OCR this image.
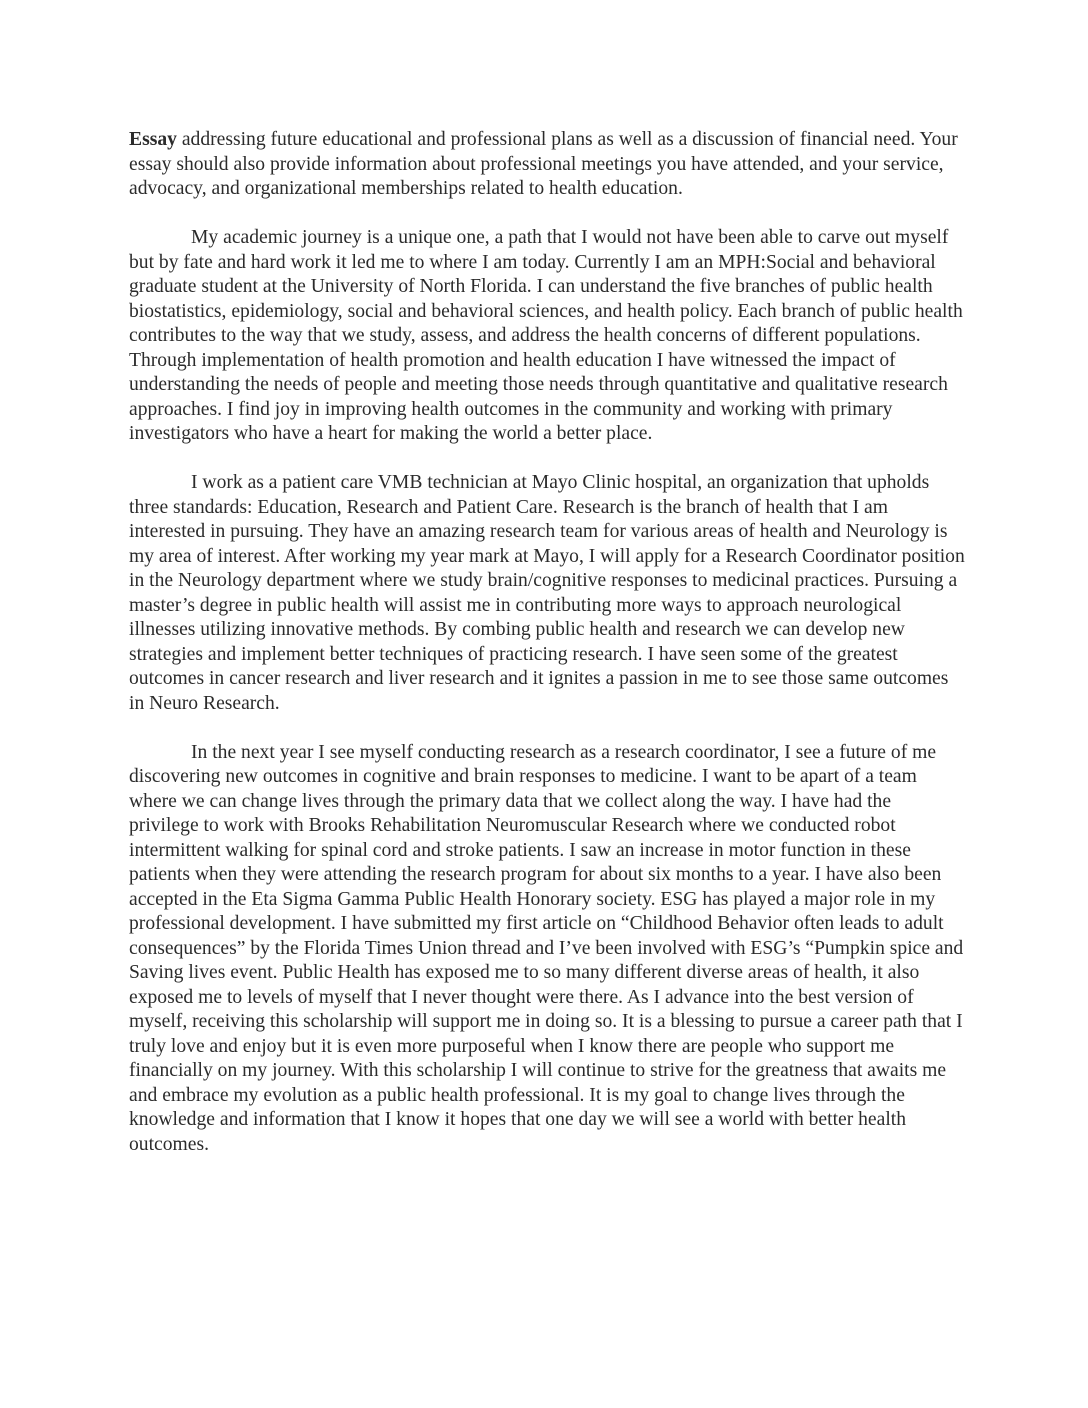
Essay addressing future educational and professional plans as well as a discussion of financial need. Your essay should also provide information about professional meetings you have attended, and your service, advocacy, and organizational memberships related to health education.

My academic journey is a unique one, a path that I would not have been able to carve out myself but by fate and hard work it led me to where I am today. Currently I am an MPH:Social and behavioral graduate student at the University of North Florida. I can understand the five branches of public health biostatistics, epidemiology, social and behavioral sciences, and health policy. Each branch of public health contributes to the way that we study, assess, and address the health concerns of different populations. Through implementation of health promotion and health education I have witnessed the impact of understanding the needs of people and meeting those needs through quantitative and qualitative research approaches. I find joy in improving health outcomes in the community and working with primary investigators who have a heart for making the world a better place.

I work as a patient care VMB technician at Mayo Clinic hospital, an organization that upholds three standards: Education, Research and Patient Care. Research is the branch of health that I am interested in pursuing. They have an amazing research team for various areas of health and Neurology is my area of interest. After working my year mark at Mayo, I will apply for a Research Coordinator position in the Neurology department where we study brain/cognitive responses to medicinal practices. Pursuing a master’s degree in public health will assist me in contributing more ways to approach neurological illnesses utilizing innovative methods. By combing public health and research we can develop new strategies and implement better techniques of practicing research. I have seen some of the greatest outcomes in cancer research and liver research and it ignites a passion in me to see those same outcomes in Neuro Research.

In the next year I see myself conducting research as a research coordinator, I see a future of me discovering new outcomes in cognitive and brain responses to medicine. I want to be apart of a team where we can change lives through the primary data that we collect along the way. I have had the privilege to work with Brooks Rehabilitation Neuromuscular Research where we conducted robot intermittent walking for spinal cord and stroke patients. I saw an increase in motor function in these patients when they were attending the research program for about six months to a year. I have also been accepted in the Eta Sigma Gamma Public Health Honorary society. ESG has played a major role in my professional development. I have submitted my first article on “Childhood Behavior often leads to adult consequences” by the Florida Times Union thread and I’ve been involved with ESG’s “Pumpkin spice and Saving lives event. Public Health has exposed me to so many different diverse areas of health, it also exposed me to levels of myself that I never thought were there. As I advance into the best version of myself, receiving this scholarship will support me in doing so. It is a blessing to pursue a career path that I truly love and enjoy but it is even more purposeful when I know there are people who support me financially on my journey. With this scholarship I will continue to strive for the greatness that awaits me and embrace my evolution as a public health professional. It is my goal to change lives through the knowledge and information that I know it hopes that one day we will see a world with better health outcomes.
